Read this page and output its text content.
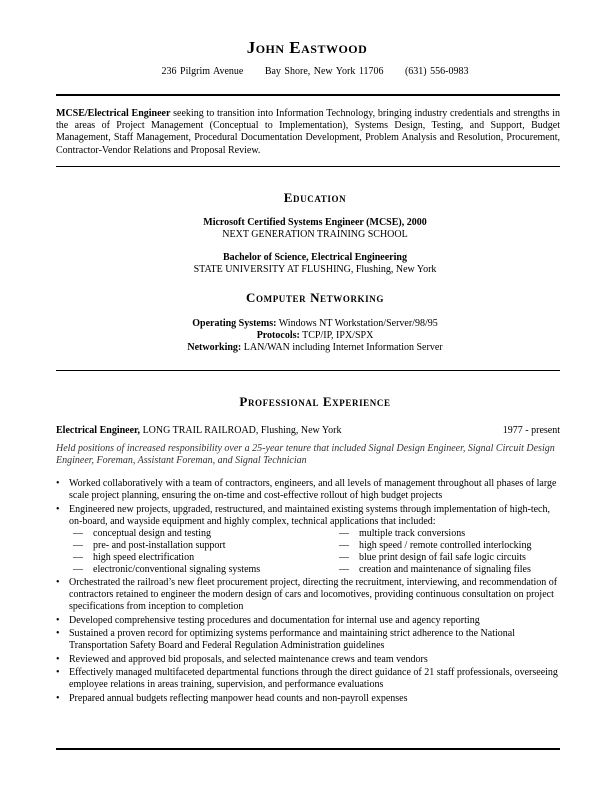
John Eastwood
236 Pilgrim Avenue Bay Shore, New York 11706 (631) 556-0983
MCSE/Electrical Engineer seeking to transition into Information Technology, bringing industry credentials and strengths in the areas of Project Management (Conceptual to Implementation), Systems Design, Testing, and Support, Budget Management, Staff Management, Procedural Documentation Development, Problem Analysis and Resolution, Procurement, Contractor-Vendor Relations and Proposal Review.
Education
Microsoft Certified Systems Engineer (MCSE), 2000
NEXT GENERATION TRAINING SCHOOL
Bachelor of Science, Electrical Engineering
STATE UNIVERSITY AT FLUSHING, Flushing, New York
Computer Networking
Operating Systems: Windows NT Workstation/Server/98/95
Protocols: TCP/IP, IPX/SPX
Networking: LAN/WAN including Internet Information Server
Professional Experience
Electrical Engineer, LONG TRAIL RAILROAD, Flushing, New York	1977 - present
Held positions of increased responsibility over a 25-year tenure that included Signal Design Engineer, Signal Circuit Design Engineer, Foreman, Assistant Foreman, and Signal Technician
• Worked collaboratively with a team of contractors, engineers, and all levels of management throughout all phases of large scale project planning, ensuring the on-time and cost-effective rollout of high budget projects
• Engineered new projects, upgraded, restructured, and maintained existing systems through implementation of high-tech, on-board, and wayside equipment and highly complex, technical applications that included:
— conceptual design and testing	— multiple track conversions
— pre- and post-installation support	— high speed / remote controlled interlocking
— high speed electrification	— blue print design of fail safe logic circuits
— electronic/conventional signaling systems	— creation and maintenance of signaling files
• Orchestrated the railroad’s new fleet procurement project, directing the recruitment, interviewing, and recommendation of contractors retained to engineer the modern design of cars and locomotives, providing continuous consultation on project specifications from inception to completion
• Developed comprehensive testing procedures and documentation for internal use and agency reporting
• Sustained a proven record for optimizing systems performance and maintaining strict adherence to the National Transportation Safety Board and Federal Regulation Administration guidelines
• Reviewed and approved bid proposals, and selected maintenance crews and team vendors
• Effectively managed multifaceted departmental functions through the direct guidance of 21 staff professionals, overseeing employee relations in areas training, supervision, and performance evaluations
• Prepared annual budgets reflecting manpower head counts and non-payroll expenses
